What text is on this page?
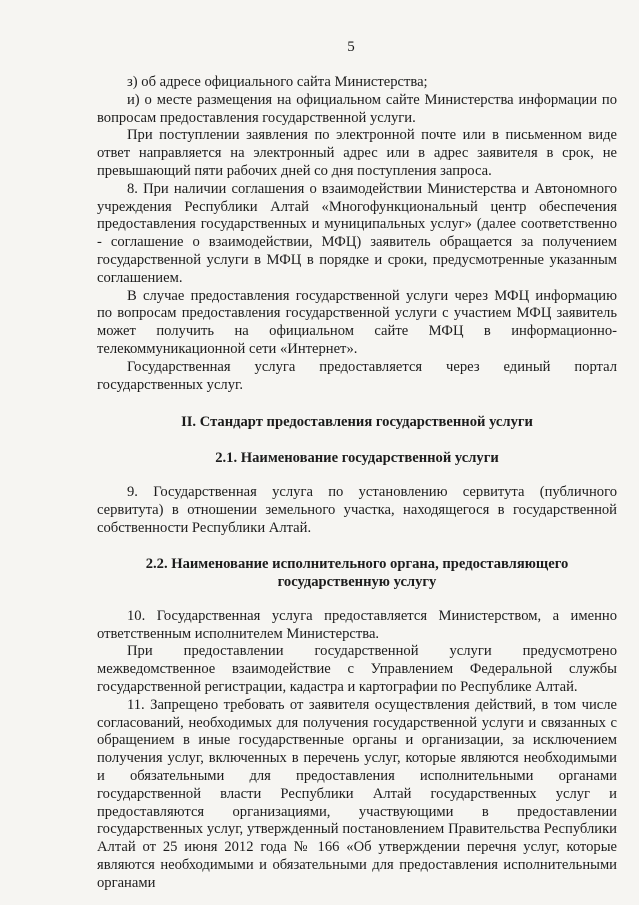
5

з) об адресе официального сайта Министерства;

и) о месте размещения на официальном сайте Министерства информации по вопросам предоставления государственной услуги.

При поступлении заявления по электронной почте или в письменном виде ответ направляется на электронный адрес или в адрес заявителя в срок, не превышающий пяти рабочих дней со дня поступления запроса.

8. При наличии соглашения о взаимодействии Министерства и Автономного учреждения Республики Алтай «Многофункциональный центр обеспечения предоставления государственных и муниципальных услуг» (далее соответственно - соглашение о взаимодействии, МФЦ) заявитель обращается за получением государственной услуги в МФЦ в порядке и сроки, предусмотренные указанным соглашением.

В случае предоставления государственной услуги через МФЦ информацию по вопросам предоставления государственной услуги с участием МФЦ заявитель может получить на официальном сайте МФЦ в информационно-телекоммуникационной сети «Интернет».

Государственная услуга предоставляется через единый портал государственных услуг.

II. Стандарт предоставления государственной услуги
2.1. Наименование государственной услуги

9. Государственная услуга по установлению сервитута (публичного сервитута) в отношении земельного участка, находящегося в государственной собственности Республики Алтай.

2.2. Наименование исполнительного органа, предоставляющего
государственную услугу

10. Государственная услуга предоставляется Министерством, а именно ответственным исполнителем Министерства.

При предоставлении государственной услуги предусмотрено межведомственное взаимодействие с Управлением Федеральной службы государственной регистрации, кадастра и картографии по Республике Алтай.

11. Запрещено требовать от заявителя осуществления действий, в том числе согласований, необходимых для получения государственной услуги и связанных с обращением в иные государственные органы и организации, за исключением получения услуг, включенных в перечень услуг, которые являются необходимыми и обязательными для предоставления исполнительными органами государственной власти Республики Алтай государственных услуг и предоставляются организациями, участвующими в предоставлении государственных услуг, утвержденный постановлением Правительства Республики Алтай от 25 июня 2012 года № 166 «Об утверждении перечня услуг, которые являются необходимыми и обязательными для предоставления исполнительными органами
